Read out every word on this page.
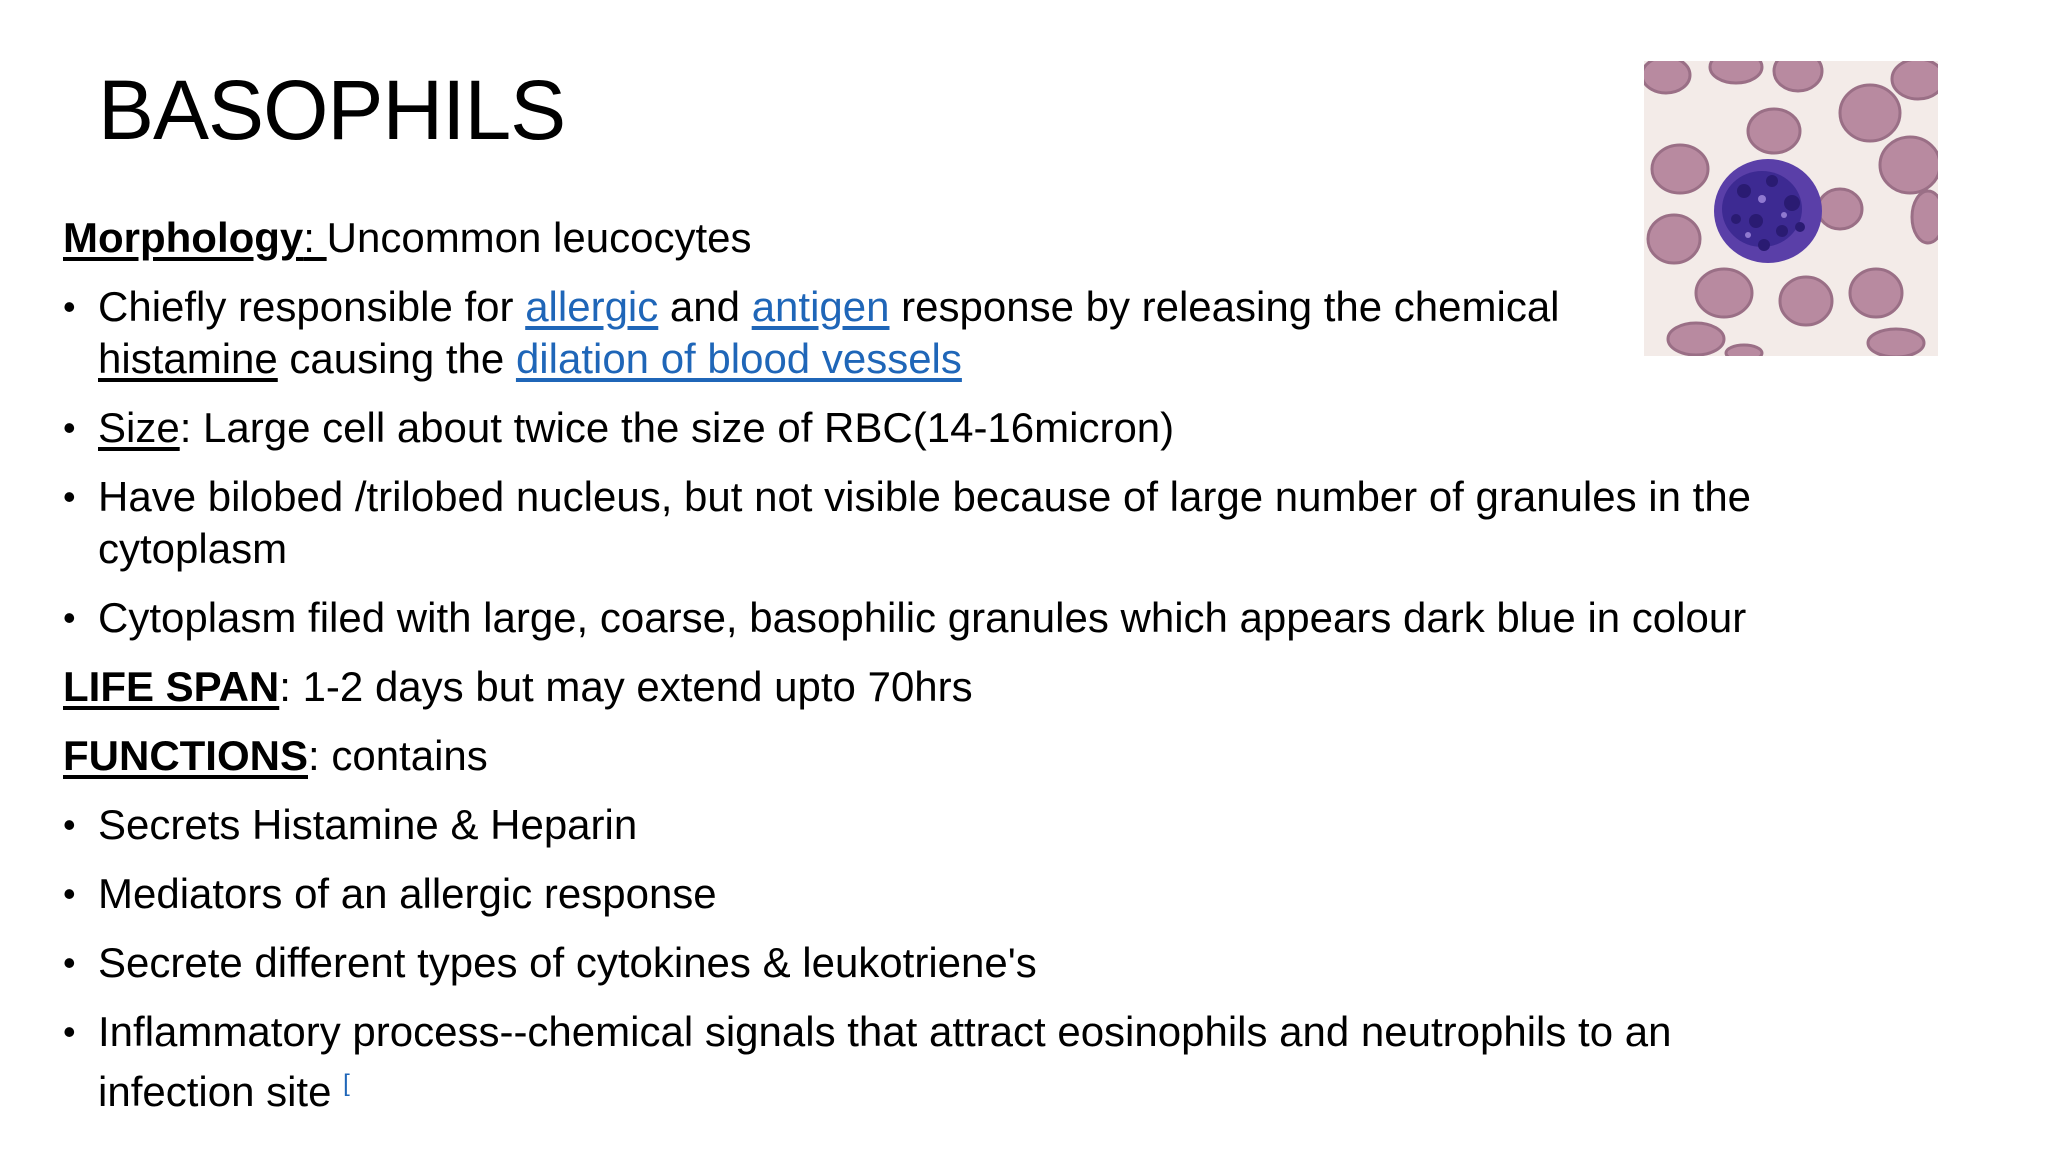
BASOPHILS

Morphology: Uncommon leucocytes

• Chiefly responsible for allergic and antigen response by releasing the chemical
histamine causing the dilation of blood vessels

• Size: Large cell about twice the size of RBC(14-16micron)

• Have bilobed /trilobed nucleus, but not visible because of large number of granules in the cytoplasm

• Cytoplasm filed with large, coarse, basophilic granules which appears dark blue in colour

LIFE SPAN: 1-2 days but may extend upto 70hrs

FUNCTIONS: contains

• Secrets Histamine & Heparin

• Mediators of an allergic response

• Secrete different types of cytokines & leukotriene's

• Inflammatory process--chemical signals that attract eosinophils and neutrophils to an infection site [
